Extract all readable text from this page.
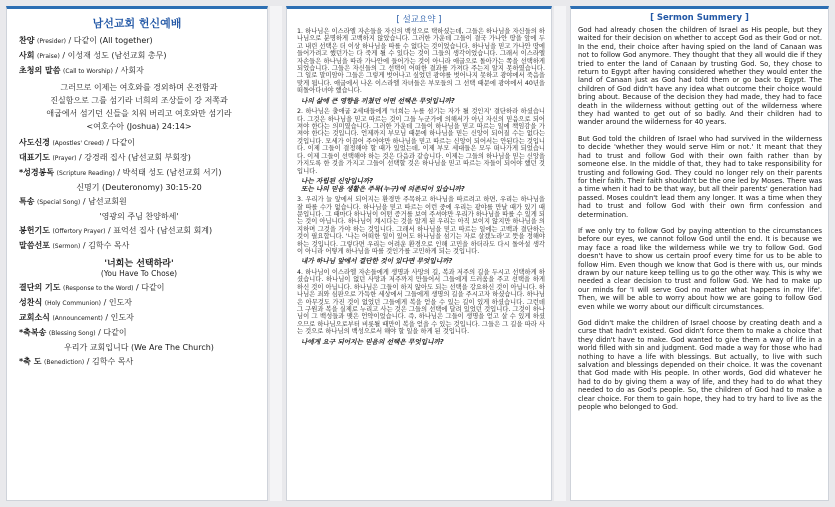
남선교회 헌신예배
찬양 (Presider) / 다같이 (All together)
사회 (Praise) / 이성재 성도 (남선교회 총무)
초청의 말씀 (Call to Worship) / 사회자
그러므로 이제는 여호와를 경외하며 온전함과
진실함으로 그를 섬기라 너희의 조상들이 강 저쪽과
애굽에서 섬기던 신들을 치워 버리고 여호와만 섬기라
<여호수아 (Joshua) 24:14>
사도신경 (Apostles' Creed) / 다같이
대표기도 (Prayer) / 강경래 집사 (남선교회 부회장)
*성경봉독 (Scripture Reading) / 박석태 성도 (남선교회 서기)
신명기 (Deuteronomy) 30:15-20
특송 (Special Song) / 남선교회원
'영광의 주님 찬양하세'
봉헌기도 (Offertory Prayer) / 표억선 집사 (남선교회 회계)
말씀선포 (Sermon) / 김학수 목사
'너희는 선택하라'
(You Have To Chose)
결단의 기도 (Response to the Word) / 다같이
성찬식 (Holy Communion) / 인도자
교회소식 (Announcement) / 인도자
*축복송 (Blessing Song) / 다같이
우리가 교회입니다 (We Are The Church)
*축 도 (Benediction) / 김학수 목사
[ 설교요약 ]

1. 하나님은 이스라엘 자손들을 자신의 백성으로 택하셨는데, 그들은 하나님을 자신들의 하나님으로 분명하게 고백하지 않았습니다. 그러한 가운데 그들이 결국 가나안 땅을 앞에 두고 내린 선택은 더 이상 하나님을 따를 수 없다는 것이었습니다. 하나님을 믿고 가나안 땅에 들어가려고 했던가는 다 죽게 될 수 있다는 것이 그들의 생각이었습니다. 그래서 이스라엘 자손들은 하나님을 따라 가나안에 들어가는 것이 아니라 애굽으로 돌아가는 쪽을 선택하게 되었습니다. 그들은 자신들의 그 선택이 어떠한 결과를 가져다 주는지 알지 못하였습니다. 그 일로 말미암아 그들은 그렇게 벗어나고 싶었던 광야를 벗어나지 못하고 광야에서 죽음을 맞게 됩니다. 애굽에서 나온 이스라엘 자녀들은 부모들의 그 선택 때문에 광야에서 40년을 떠돌아다녀야 했습니다.

나의 삶에 큰 영향을 끼쳤던 어떤 선택은 무엇입니까?

2. 하나님은 출애굽 2세대들에게 '너희는 누를 섬기는 자가 될 것인지' 결단하라 하셨습니다. 그것은 하나님을 믿고 따르는 것이 그들 누군가에 의해서가 아닌 자신의 믿음으로 되어져야 한다는 의미였습니다. 그러한 가운데 그들이 하나님을 믿고 따르는 일에 책임감을 가져야 한다는 것입니다. 언제까지 부모님 때문에 하나님을 믿는 신앙이 되어질 수는 없다는 것입니다. 모세가 이끌어 주어야만 하나님을 믿고 따르는 신앙이 되어서는 안된다는 것입니다. 이제 그들이 결정해야 할 때가 있었는데, 이제 부모 세대들은 모두 떠나가게 되었습니다. 이제 그들이 선택해야 하는 것은 다음과 같습니다. 이제는 그들의 하나님을 믿는 신앙을 가지도록 한 것을 가지고 그들이 선택할 것은 하나님을 믿고 따르는 자들이 되어야 했던 것입니다.

나는 자립된 신앙입니까?
또는 나의 믿음 생활은 주목(누구)에 의존되어 있습니까?

3. 우리가 늘 앞에서 되어지는 환경만 주목하고 하나님을 따르려고 하면, 우리는 하나님을 잘 따를 수가 없습니다. 하나님을 믿고 따르는 이런 중에 우리는 광야를 만날 때가 있기 때문입니다. 그 때마다 하나님이 어떤 증거를 보여 주셔야만 우리가 하나님을 따를 수 있게 되는 것이 아닙니다. 하나님이 계시다는 것을 알게 된 우리는 아직 보이지 않지만 하나님을 의지하며 그것을 가야 하는 것입니다. 그래서 하나님을 믿고 따르는 일에는 고백과 결단하는 것이 필요합니다. '나는 어떠한 일이 있어도 하나님을 섬기는 자로 살겠노라'고 뜻을 정해야 하는 것입니다. 그렇다면 우리는 어려운 환경으로 인해 고민을 하더라도 다시 돌아설 생각이 아니라 어떻게 하나님을 따를 것인가를 고민하게 되는 것입니다.

내가 하나님 앞에서 결단한 것이 있다면 무엇입니까?

4. 하나님이 이스라엘 자손들에게 생명과 사망의 길, 복과 저주의 길을 두시고 선택하게 하셨습니다. 하나님이 없던 사망과 저주까지 만들어서 그들에게 드러움을 주고 선택을 하게 하신 것이 아닙니다. 하나님은 그들이 하지 않아도 되는 선택을 강요하신 것이 아닙니다. 하나님은 죄와 심판으로 가득한 세상에서 그들에게 생명의 길을 주시고자 하셨습니다. 하나님은 아무것도 가진 것이 없었던 그들에게 복을 얻을 수 있는 길이 있게 하셨습니다. 그런데 그 구원과 복을 실제로 누리고 사는 것은 그들의 선택에 달려 있었던 것입니다. 그것이 하나님이 그 백성들과 맺은 언약이었습니다. 즉, 하나님은 그들이 생명을 얻고 살 수 있게 하셨으므로 하나님으로부터 비롯될 때만이 복을 얻을 수 있는 것입니다. 그들은 그 길을 따라 사는 것으로 하나님의 백성으로서 해야 할 일을 하게 된 것입니다.

나에게 요구 되어지는 믿음의 선택은 무엇입니까?

[ Sermon Summery ]

God had already chosen the children of Israel as His people, but they waited for their decision on whether to accept God as their God or not. In the end, their choice after having spied on the land of Canaan was not to follow God anymore. They thought that they all would die if they tried to enter the land of Canaan by trusting God. So, they chose to return to Egypt after having considered whether they would enter the land of Canaan just as God had told them or go back to Egypt. The children of God didn't have any idea what outcome their choice would bring about. Because of the decision they had made, they had to face death in the wilderness without getting out of the wilderness where they had wanted to get out of so badly. And their children had to wander around the wilderness for 40 years.

But God told the children of Israel who had survived in the wilderness to decide 'whether they would serve Him or not.' It meant that they had to trust and follow God with their own faith rather than by someone else. In the middle of that, they had to take responsibility for trusting and following God. They could no longer rely on their parents for their faith. Their faith shouldn't be the one led by Moses. There was a time when it had to be that way, but all their parents' generation had passed. Moses couldn't lead them any longer. It was a time when they had to trust and follow God with their own firm confession and determination.

If we only try to follow God by paying attention to the circumstances before our eyes, we cannot follow God until the end. It is because we may face a road like the wilderness while we try to follow God. God doesn't have to show us certain proof every time for us to be able to follow Him. Even though we know that God is there with us, our minds drawn by our nature keep telling us to go the other way. This is why we needed a clear decision to trust and follow God. We had to make up our minds for 'I will serve God no matter what happens in my life'. Then, we will be able to worry about how we are going to follow God even while we worry about our difficult circumstances.

God didn't make the children of Israel choose by creating death and a curse that hadn't existed. God didn't force them to make a choice that they didn't have to make. God wanted to give them a way of life in a world filled with sin and judgment. God made a way for those who had nothing to have a life with blessings. But actually, to live with such salvation and blessings depended on their choice. It was the covenant that God made with His people. In other words, God did whatever he had to do by giving them a way of life, and they had to do what they needed to do as God's people. So, the children of God had to make a clear choice. For them to gain hope, they had to try hard to live as the people who belonged to God.
